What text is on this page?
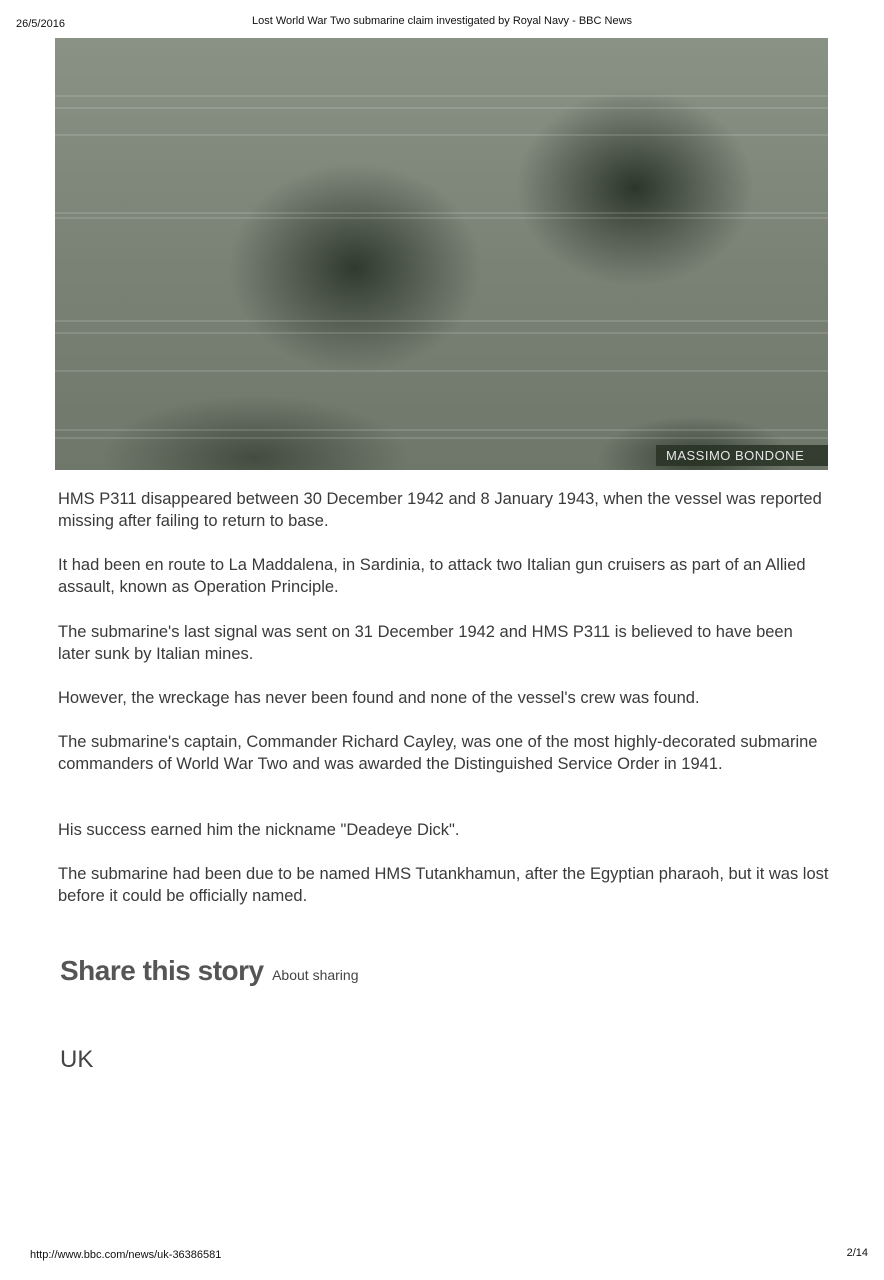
26/5/2016	Lost World War Two submarine claim investigated by Royal Navy - BBC News
MASSIMO BONDONE

HMS P311 disappeared between 30 December 1942 and 8 January 1943, when the vessel was reported missing after failing to return to base.

It had been en route to La Maddalena, in Sardinia, to attack two Italian gun cruisers as part of an Allied assault, known as Operation Principle.

The submarine's last signal was sent on 31 December 1942 and HMS P311 is believed to have been later sunk by Italian mines.

However, the wreckage has never been found and none of the vessel's crew was found.

The submarine's captain, Commander Richard Cayley, was one of the most highly-decorated submarine commanders of World War Two and was awarded the Distinguished Service Order in 1941.

His success earned him the nickname "Deadeye Dick".

The submarine had been due to be named HMS Tutankhamun, after the Egyptian pharaoh, but it was lost before it could be officially named.

Share this story About sharing
UK
http://www.bbc.com/news/uk-36386581	2/14
